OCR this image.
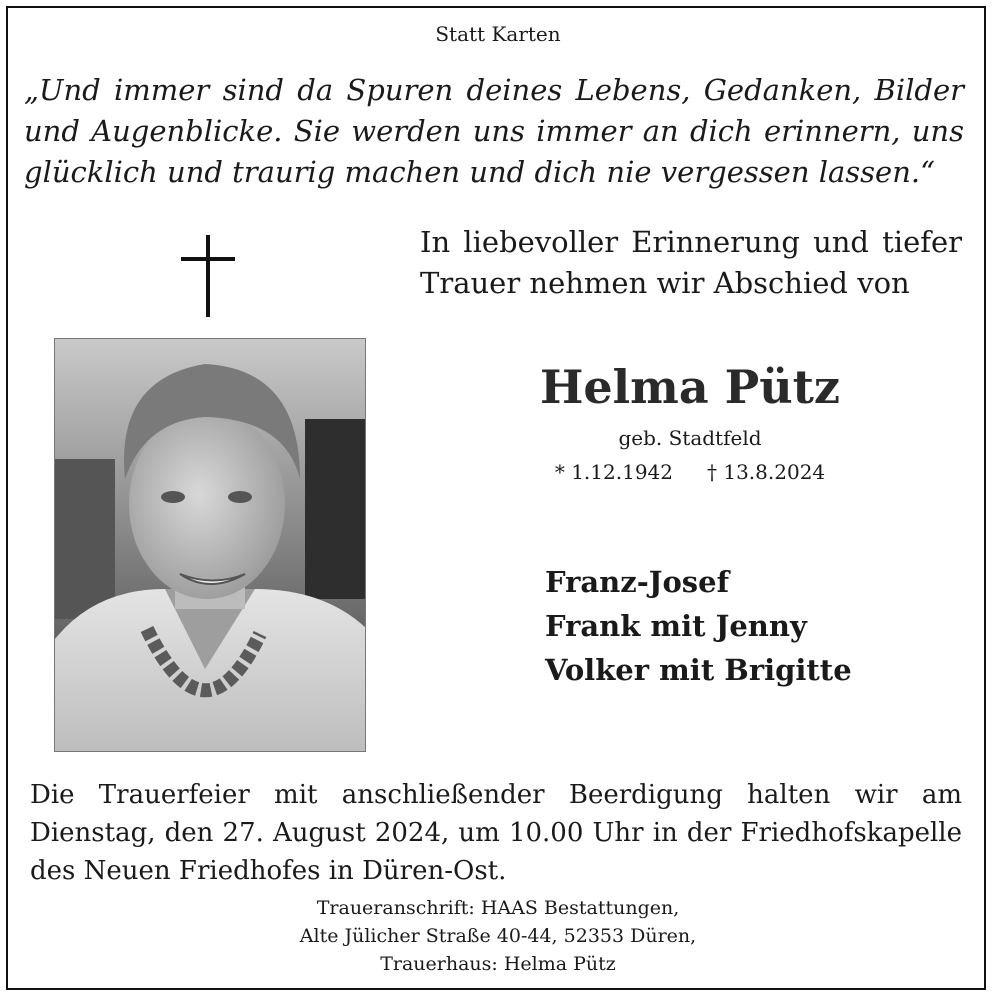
Statt Karten
„Und immer sind da Spuren deines Lebens, Gedanken, Bilder und Augenblicke. Sie werden uns immer an dich erinnern, uns glücklich und traurig machen und dich nie vergessen lassen.“
In liebevoller Erinnerung und tiefer Trauer nehmen wir Abschied von
Helma Pütz
geb. Stadtfeld
* 1.12.1942 † 13.8.2024
Franz-Josef
Frank mit Jenny
Volker mit Brigitte
Die Trauerfeier mit anschließender Beerdigung halten wir am Dienstag, den 27. August 2024, um 10.00 Uhr in der Friedhofskapelle des Neuen Friedhofes in Düren-Ost.
Traueranschrift: HAAS Bestattungen,
Alte Jülicher Straße 40-44, 52353 Düren,
Trauerhaus: Helma Pütz
